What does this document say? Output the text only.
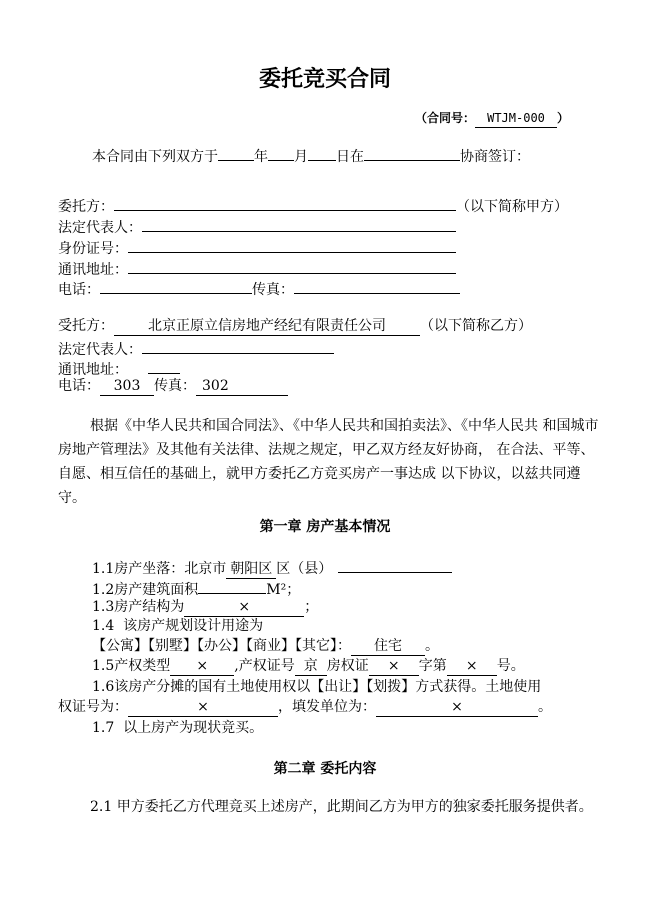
委托竞买合同
（合同号： WTJM-000 ）
本合同由下列双方于	年 月 日在	协商签订：
委托方：	（以下简称甲方）
法定代表人：
身份证号：
通讯地址：
电话：	传真：
受托方： 北京正原立信房地产经纪有限责任公司 （以下简称乙方）
法定代表人：
通讯地址：
电话： 303 传真： 302
根据《中华人民共和国合同法》、《中华人民共和国拍卖法》、《中华人民共 和国城市房地产管理法》及其他有关法律、法规之规定，甲乙双方经友好协商， 在合法、平等、自愿、相互信任的基础上，就甲方委托乙方竞买房产一事达成 以下协议，以兹共同遵守。
第一章 房产基本情况
1.1房产坐落：北京市 朝阳区 区（县）
1.2房产建筑面积	M²；
1.3房产结构为	×	；
1.4  该房产规划设计用途为
【公寓】【别墅】【办公】【商业】【其它】： 住宅 。
1.5产权类型 × ,产权证号 京 房权证 × 字第 × 号。
1.6该房产分摊的国有土地使用权以【出让】【划拨】方式获得。土地使用
权证号为：	×	，填发单位为：	×	。
1.7  以上房产为现状竞买。
第二章 委托内容
2.1 甲方委托乙方代理竞买上述房产，此期间乙方为甲方的独家委托服务提供者。
